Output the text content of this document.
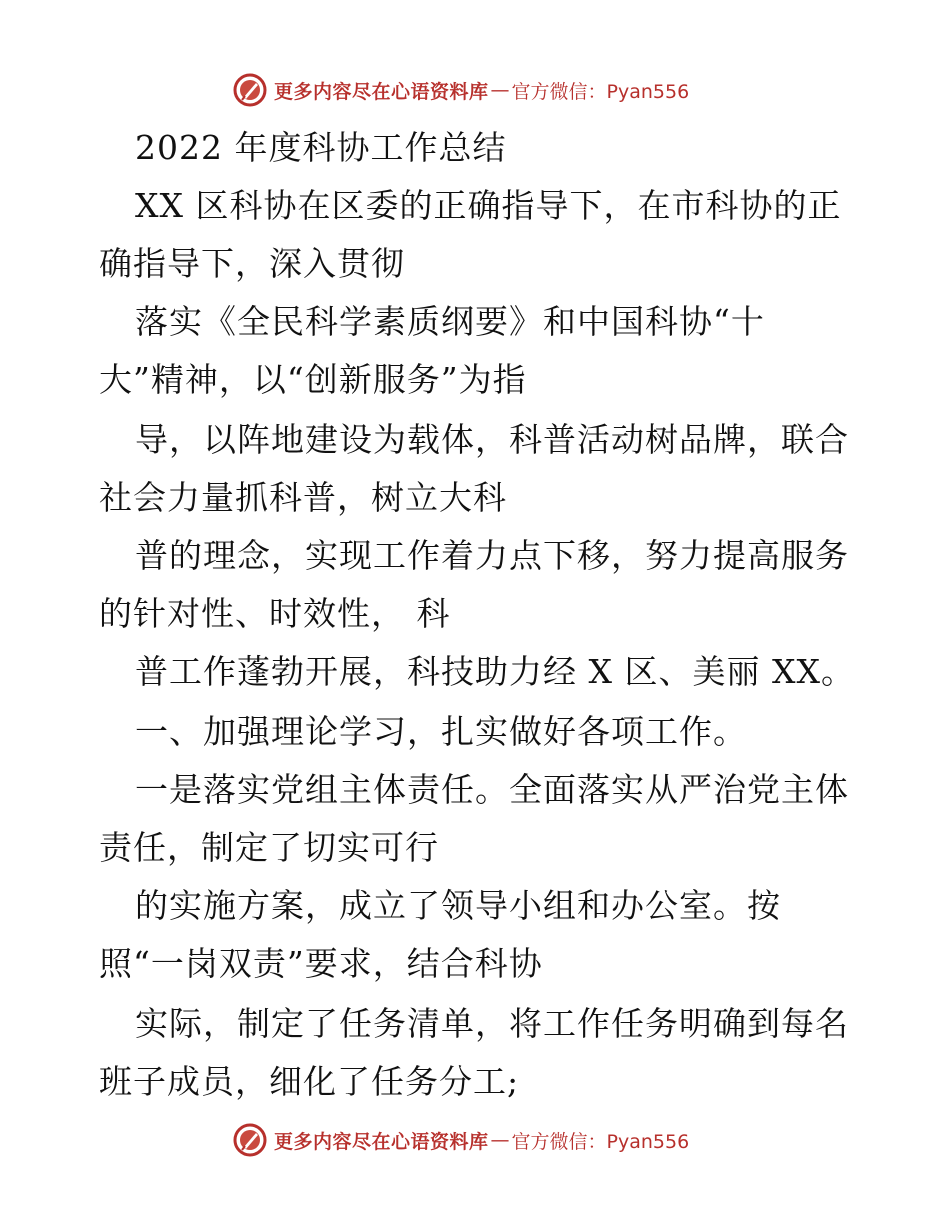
更多内容尽在心语资料库 — 官方微信：Pyan556
2022 年度科协工作总结
XX 区科协在区委的正确指导下，在市科协的正
确指导下，深入贯彻
落实《全民科学素质纲要》和中国科协“十
大”精神，以“创新服务”为指
导，以阵地建设为载体，科普活动树品牌，联合
社会力量抓科普，树立大科
普的理念，实现工作着力点下移，努力提高服务
的针对性、时效性， 科
普工作蓬勃开展，科技助力经 X 区、美丽 XX。
一、加强理论学习，扎实做好各项工作。
一是落实党组主体责任。全面落实从严治党主体
责任，制定了切实可行
的实施方案，成立了领导小组和办公室。按
照“一岗双责”要求，结合科协
实际，制定了任务清单，将工作任务明确到每名
班子成员，细化了任务分工;
更多内容尽在心语资料库 — 官方微信：Pyan556
